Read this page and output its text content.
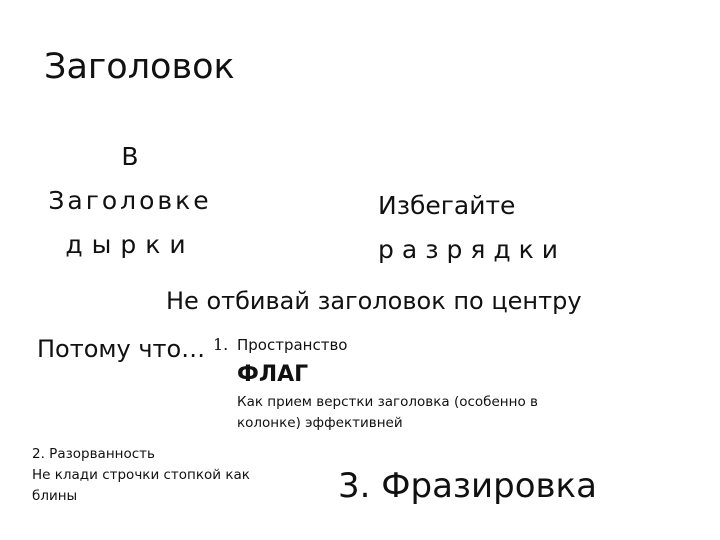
Заголовок
В
Заголовке
дырки
Избегайте
разрядки
Не отбивай заголовок по центру
Потому что… 1. Пространство
ФЛАГ
Как прием верстки заголовка (особенно в
колонке) эффективней
2. Разорванность
Не клади строчки стопкой как
блины	3. Фразировка
